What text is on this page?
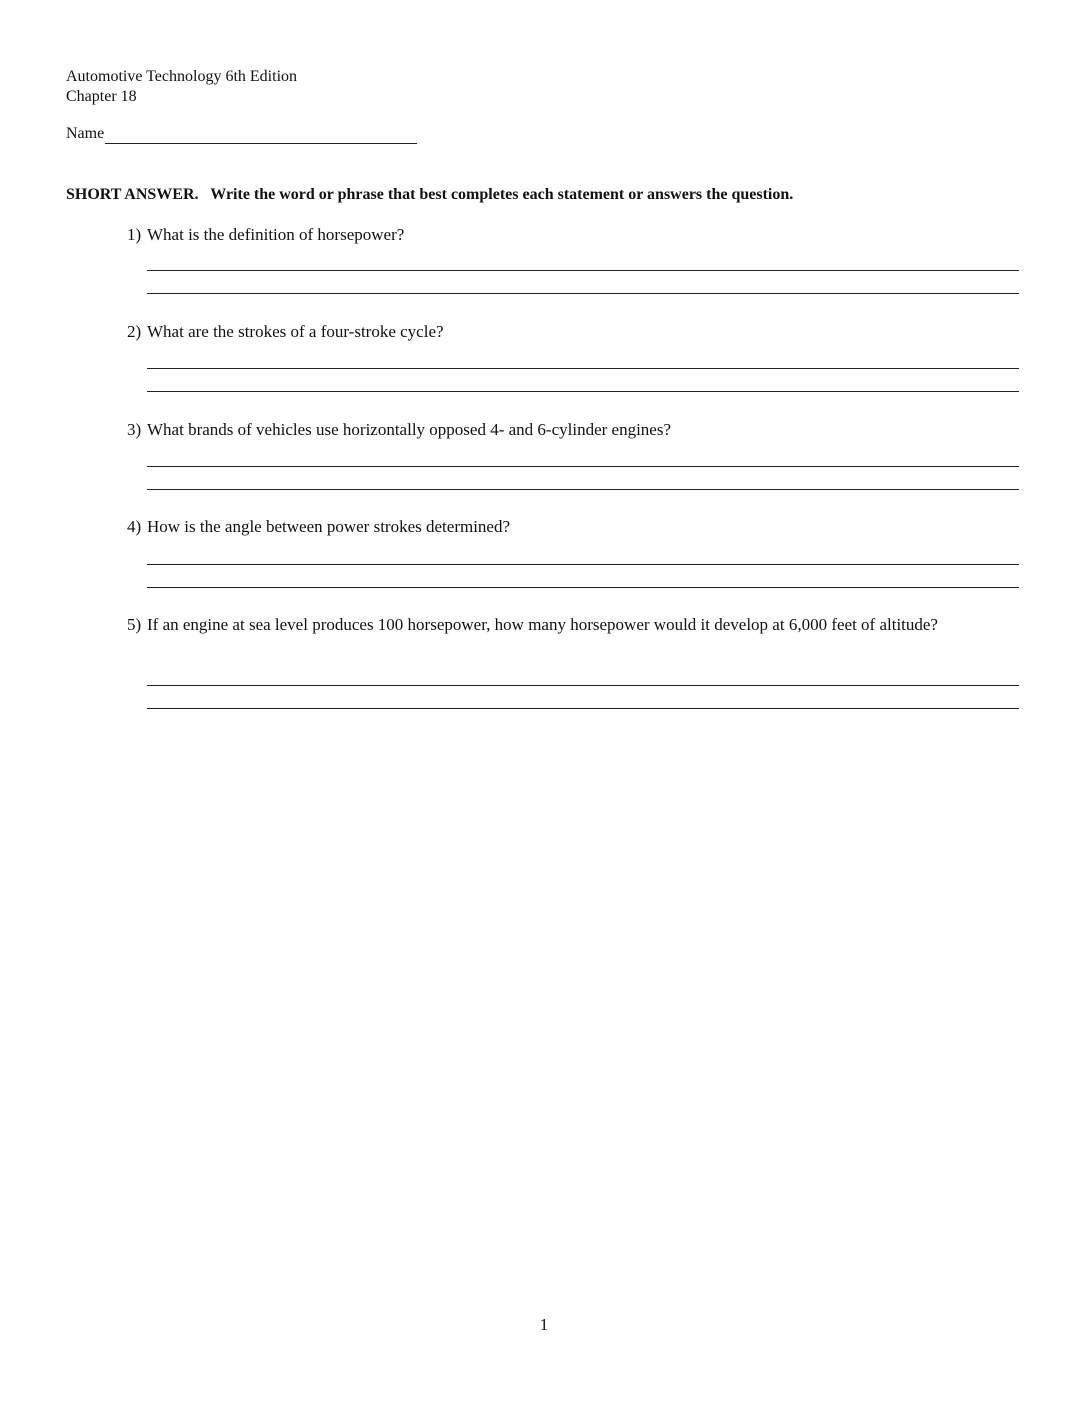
Automotive Technology 6th Edition
Chapter 18
Name
SHORT ANSWER. Write the word or phrase that best completes each statement or answers the question.
1) What is the definition of horsepower?
2) What are the strokes of a four-stroke cycle?
3) What brands of vehicles use horizontally opposed 4- and 6-cylinder engines?
4) How is the angle between power strokes determined?
5) If an engine at sea level produces 100 horsepower, how many horsepower would it develop at 6,000 feet of altitude?
1
